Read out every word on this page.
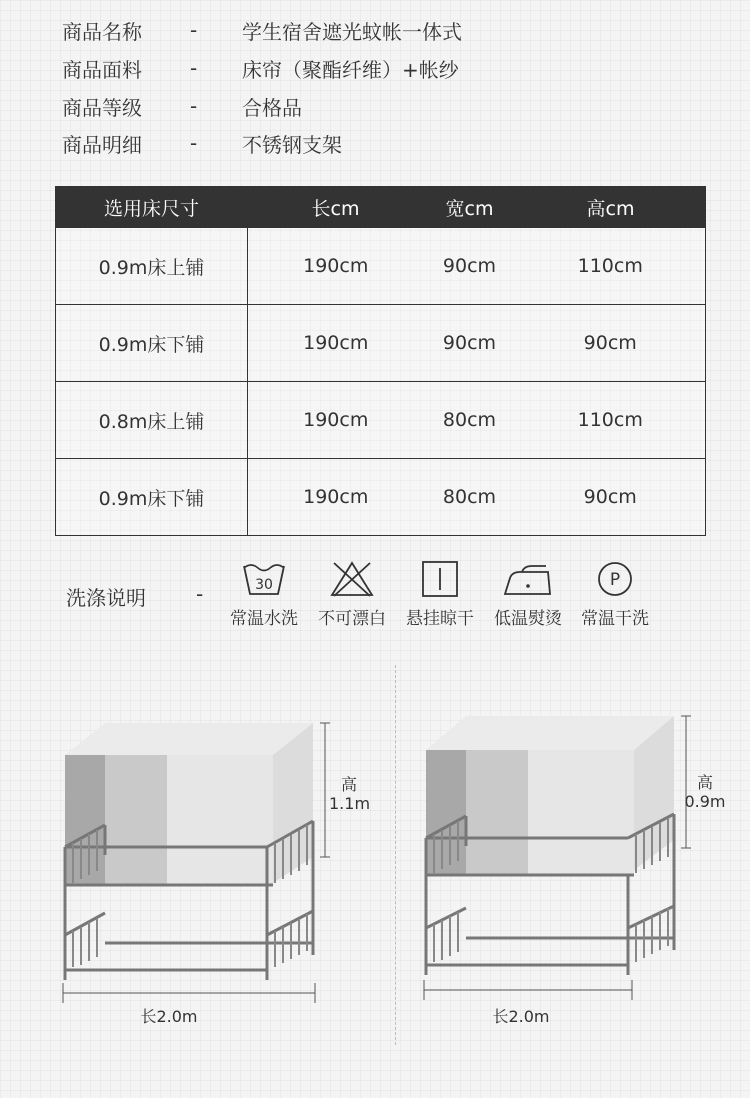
商品名称	-	学生宿舍遮光蚊帐一体式
商品面料	-	床帘（聚酯纤维）+帐纱
商品等级	-	合格品
商品明细	-	不锈钢支架
选用床尺寸	长cm	宽cm	高cm
0.9m床上铺	190cm	90cm	110cm
0.9m床下铺	190cm	90cm	90cm
0.8m床上铺	190cm	80cm	110cm
0.9m床下铺	190cm	80cm	90cm
洗涤说明	-	30
常温水洗	不可漂白	悬挂晾干	低温熨烫
P
常温干洗
高
1.1m
长2.0m
高
0.9m
长2.0m
